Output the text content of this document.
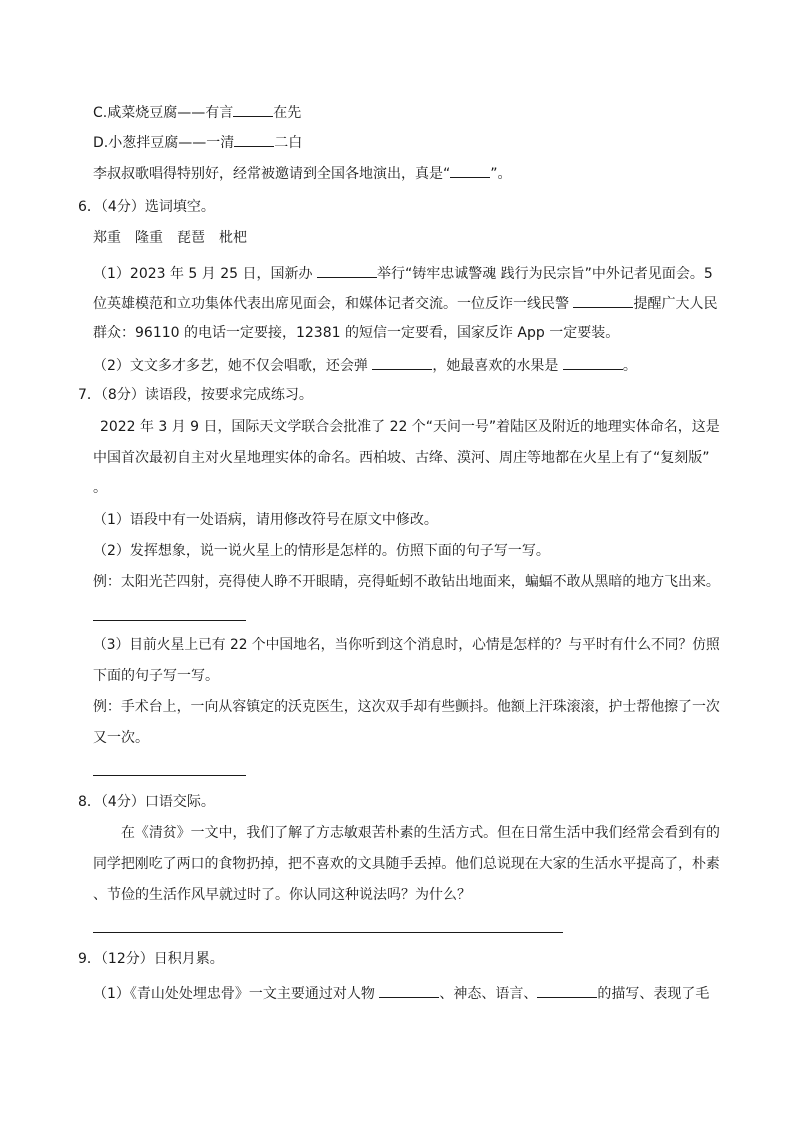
C.咸菜烧豆腐——有言	在先
D.小葱拌豆腐——一清	二白
李叔叔歌唱得特别好，经常被邀请到全国各地演出，真是“	”。
6．（4分）选词填空。
郑重　隆重　琵琶　枇杷
（1）2023 年 5 月 25 日，国新办	举行“铸牢忠诚警魂 践行为民宗旨”中外记者见面会。5
位英雄模范和立功集体代表出席见面会，和媒体记者交流。一位反诈一线民警	提醒广大人民
群众：96110 的电话一定要接，12381 的短信一定要看，国家反诈 App 一定要装。
（2）文文多才多艺，她不仅会唱歌，还会弹	，她最喜欢的水果是	。
7．（8分）读语段，按要求完成练习。
2022 年 3 月 9 日，国际天文学联合会批准了 22 个“天问一号”着陆区及附近的地理实体命名，这是
中国首次最初自主对火星地理实体的命名。西柏坡、古绛、漠河、周庄等地都在火星上有了“复刻版”
。
（1）语段中有一处语病，请用修改符号在原文中修改。
（2）发挥想象，说一说火星上的情形是怎样的。仿照下面的句子写一写。
例：太阳光芒四射，亮得使人睁不开眼睛，亮得蚯蚓不敢钻出地面来，蝙蝠不敢从黑暗的地方飞出来。
（3）目前火星上已有 22 个中国地名，当你听到这个消息时，心情是怎样的？与平时有什么不同？仿照
下面的句子写一写。
例：手术台上，一向从容镇定的沃克医生，这次双手却有些颤抖。他额上汗珠滚滚，护士帮他擦了一次
又一次。
8．（4分）口语交际。
在《清贫》一文中，我们了解了方志敏艰苦朴素的生活方式。但在日常生活中我们经常会看到有的
同学把刚吃了两口的食物扔掉，把不喜欢的文具随手丢掉。他们总说现在大家的生活水平提高了，朴素
、节俭的生活作风早就过时了。你认同这种说法吗？为什么？
9．（12分）日积月累。
（1）《青山处处埋忠骨》一文主要通过对人物	、神态、语言、	的描写、表现了毛
